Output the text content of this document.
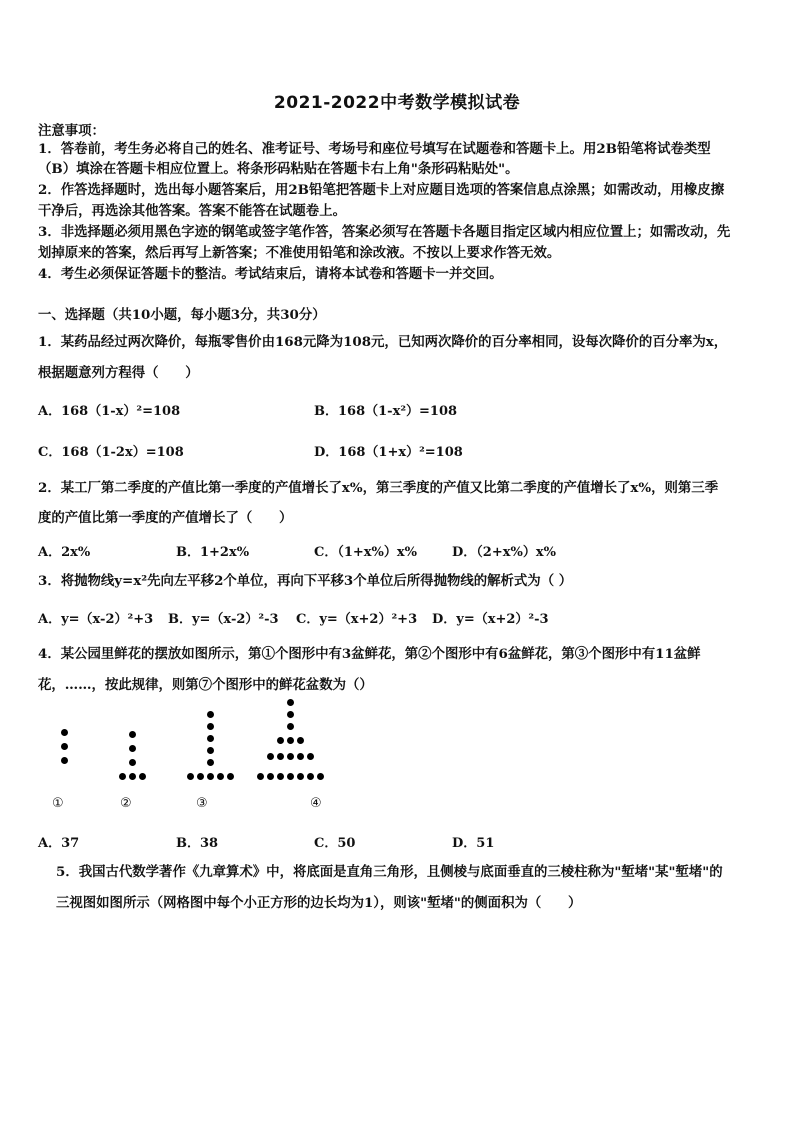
2021-2022中考数学模拟试卷
注意事项：
1．答卷前，考生务必将自己的姓名、准考证号、考场号和座位号填写在试题卷和答题卡上。用2B铅笔将试卷类型
（B）填涂在答题卡相应位置上。将条形码粘贴在答题卡右上角"条形码粘贴处"。
2．作答选择题时，选出每小题答案后，用2B铅笔把答题卡上对应题目选项的答案信息点涂黑；如需改动，用橡皮擦
干净后，再选涂其他答案。答案不能答在试题卷上。
3．非选择题必须用黑色字迹的钢笔或签字笔作答，答案必须写在答题卡各题目指定区域内相应位置上；如需改动，先
划掉原来的答案，然后再写上新答案；不准使用铅笔和涂改液。不按以上要求作答无效。
4．考生必须保证答题卡的整洁。考试结束后，请将本试卷和答题卡一并交回。
一、选择题（共10小题，每小题3分，共30分）
1．某药品经过两次降价，每瓶零售价由168元降为108元，已知两次降价的百分率相同，设每次降价的百分率为x，
根据题意列方程得（　　）
A．168（1-x）²=108	B．168（1-x²）=108
C．168（1-2x）=108	D．168（1+x）²=108
2．某工厂第二季度的产值比第一季度的产值增长了x%，第三季度的产值又比第二季度的产值增长了x%，则第三季
度的产值比第一季度的产值增长了（　　）
A．2x%	B．1+2x%	C．（1+x%）x%	D．（2+x%）x%
3．将抛物线y=x²先向左平移2个单位，再向下平移3个单位后所得抛物线的解析式为（ ）
A．y=（x-2）²+3 B．y=（x-2）²-3 C．y=（x+2）²+3 D．y=（x+2）²-3
4．某公园里鲜花的摆放如图所示，第①个图形中有3盆鲜花，第②个图形中有6盆鲜花，第③个图形中有11盆鲜
花，……，按此规律，则第⑦个图形中的鲜花盆数为（）
①	②	③	④
A．37	B．38	C．50	D．51
5．我国古代数学著作《九章算术》中，将底面是直角三角形，且侧棱与底面垂直的三棱柱称为"堑堵"某"堑堵"的
三视图如图所示（网格图中每个小正方形的边长均为1），则该"堑堵"的侧面积为（　　）
